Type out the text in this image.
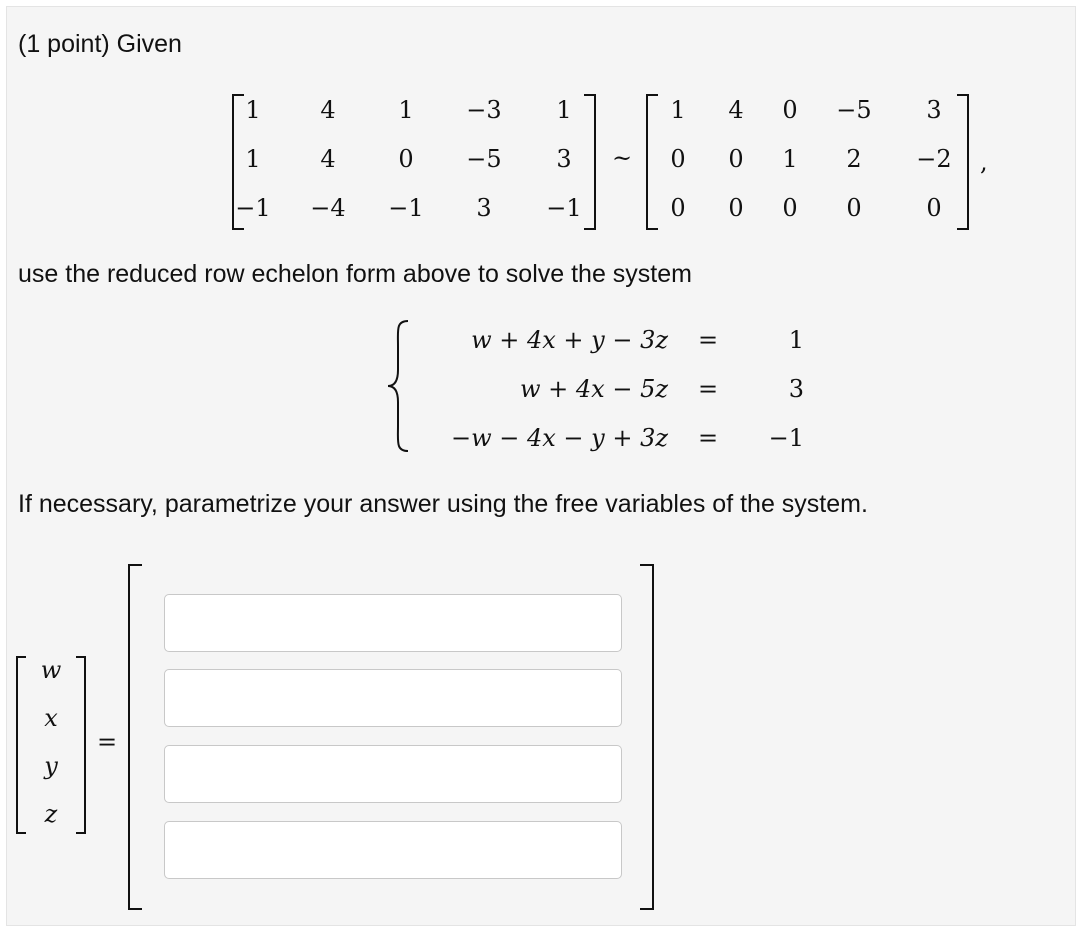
(1 point) Given
1	4	1	−3	1
1	4	0	−5	3
−1	−4	−1	3	−1
~
1	4	0	−5	3
0	0	1	2	−2
0	0	0	0	0
,
use the reduced row echelon form above to solve the system
w + 4x + y − 3z =	1
w + 4x − 5z =	3
−w − 4x − y + 3z =	−1
If necessary, parametrize your answer using the free variables of the system.
w
x
y
z
=
